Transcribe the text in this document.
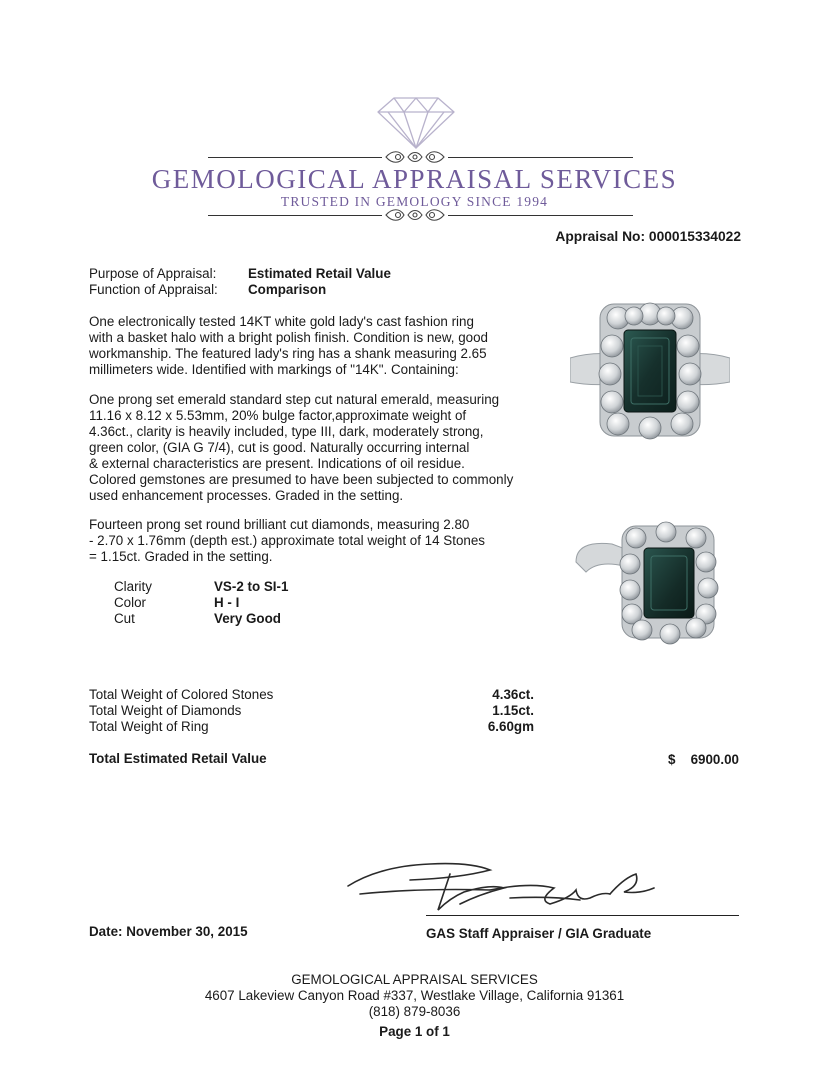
GEMOLOGICAL APPRAISAL SERVICES
TRUSTED IN GEMOLOGY SINCE 1994
Appraisal No: 000015334022
Purpose of Appraisal: Estimated Retail Value
Function of Appraisal: Comparison
One electronically tested 14KT white gold lady's cast fashion ring
with a basket halo with a bright polish finish. Condition is new, good
workmanship. The featured lady's ring has a shank measuring 2.65
millimeters wide. Identified with markings of "14K". Containing:
One prong set emerald standard step cut natural emerald, measuring
11.16 x 8.12 x 5.53mm, 20% bulge factor,approximate weight of
4.36ct., clarity is heavily included, type III, dark, moderately strong,
green color, (GIA G 7/4), cut is good. Naturally occurring internal
& external characteristics are present. Indications of oil residue.
Colored gemstones are presumed to have been subjected to commonly
used enhancement processes. Graded in the setting.
Fourteen prong set round brilliant cut diamonds, measuring 2.80
- 2.70 x 1.76mm (depth est.) approximate total weight of 14 Stones
= 1.15ct. Graded in the setting.
Clarity	VS-2 to SI-1
Color	H - I
Cut	Very Good
Total Weight of Colored Stones	4.36ct.
Total Weight of Diamonds	1.15ct.
Total Weight of Ring	6.60gm
Total Estimated Retail Value	$ 6900.00
Date: November 30, 2015	GAS Staff Appraiser / GIA Graduate
GEMOLOGICAL APPRAISAL SERVICES
4607 Lakeview Canyon Road #337, Westlake Village, California 91361
(818) 879-8036
Page 1 of 1
